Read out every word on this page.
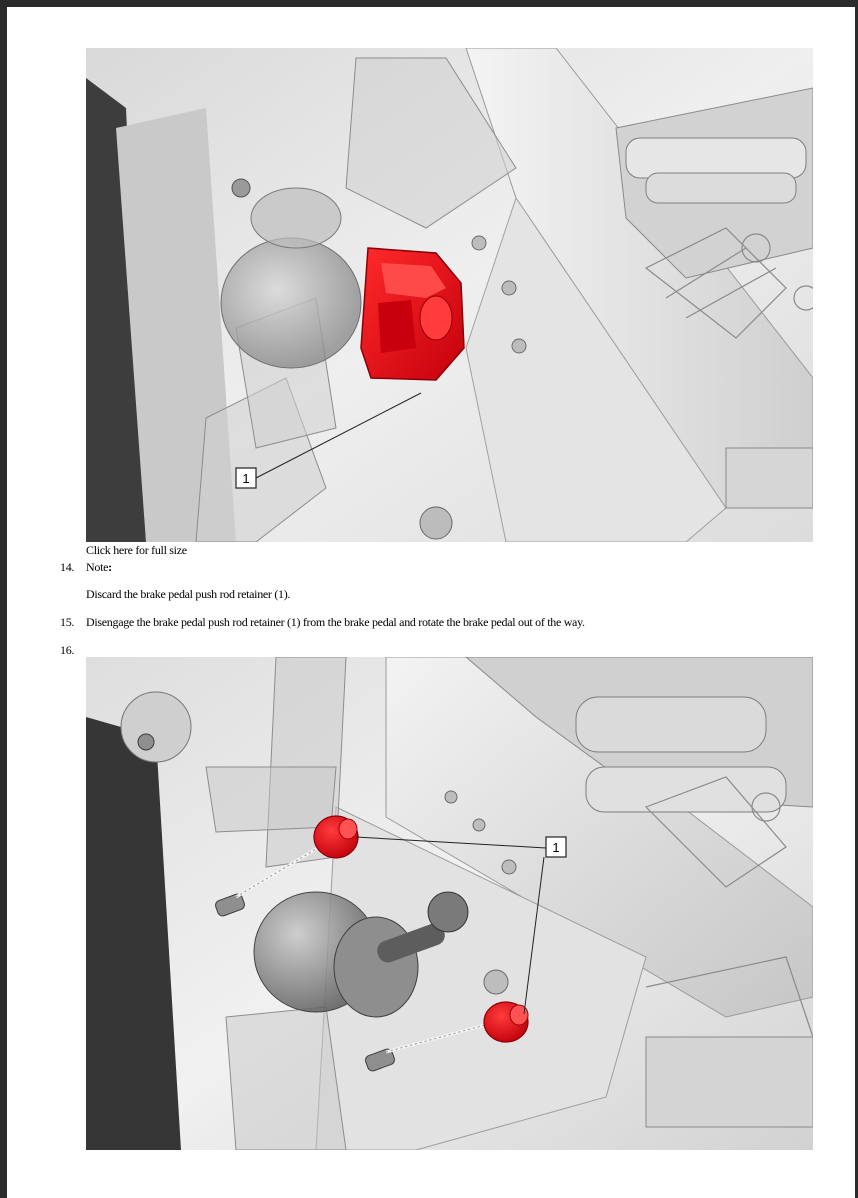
1
Click here for full size
14. Note:
Discard the brake pedal push rod retainer (1).
15. Disengage the brake pedal push rod retainer (1) from the brake pedal and rotate the brake pedal out of the way.
16.
1
